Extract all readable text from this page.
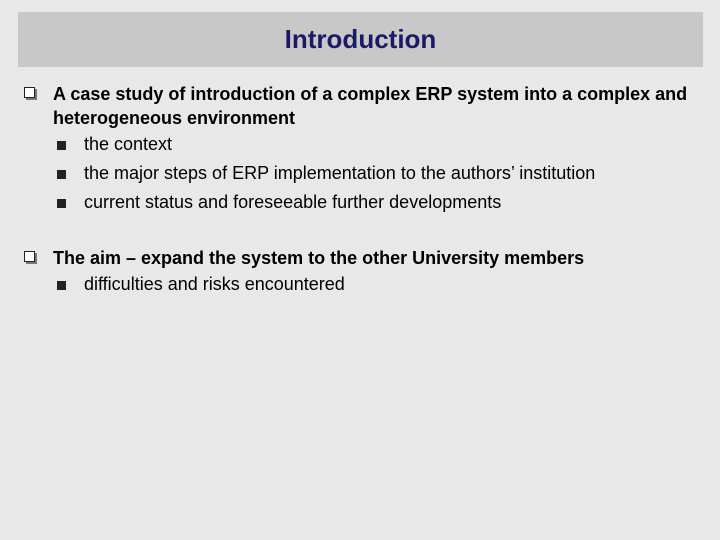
Introduction
A case study of introduction of a complex ERP system into a complex and heterogeneous environment
the context
the major steps of ERP implementation to the authors’ institution
current status and foreseeable further developments
The aim – expand the system to the other University members
difficulties and risks encountered
